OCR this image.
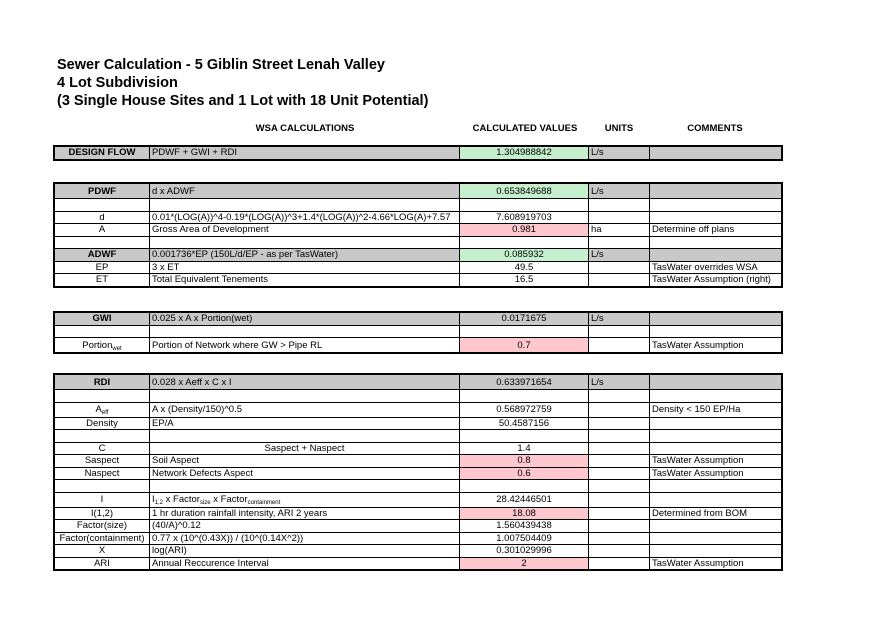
Sewer Calculation - 5 Giblin Street Lenah Valley
4 Lot Subdivision
(3 Single House Sites and 1 Lot with 18 Unit Potential)
WSA CALCULATIONS	CALCULATED VALUES	UNITS	COMMENTS
DESIGN FLOW	PDWF + GWI + RDI	1.304988842	L/s	
PDWF	d x ADWF	0.653849688	L/s	

d	0.01*(LOG(A))^4-0.19*(LOG(A))^3+1.4*(LOG(A))^2-4.66*LOG(A)+7.57	7.608919703		
A	Gross Area of Development	0.981	ha	Determine off plans

ADWF	0.001736*EP (150L/d/EP - as per TasWater)	0.085932	L/s	
EP	3 x ET	49.5		TasWater overrides WSA
ET	Total Equivalent Tenements	16.5		TasWater Assumption (right)
GWI	0.025 x A x Portion(wet)	0.0171675	L/s	

Portion$_{wet}$	Portion of Network where GW > Pipe RL	0.7		TasWater Assumption
RDI	0.028 x Aeff x C x I	0.633971654	L/s	

$A_{eff}$	A x (Density/150)^0.5	0.568972759		Density < 150 EP/Ha
Density	EP/A	50.4587156		

C	Saspect + Naspect	1.4		
Saspect	Soil Aspect	0.8		TasWater Assumption
Naspect	Network Defects Aspect	0.6		TasWater Assumption

I	$I_{1,2}$ x Factor$_{size}$ x Factor$_{containment}$	28.42446501		
I(1,2)	1 hr duration rainfall intensity, ARI 2 years	18.08		Determined from BOM
Factor(size)	(40/A)^0.12	1.560439438		
Factor(containment)	0.77 x (10^(0.43X)) / (10^(0.14X^2))	1.007504409		
X	log(ARI)	0.301029996		
ARI	Annual Reccurence Interval	2		TasWater Assumption
